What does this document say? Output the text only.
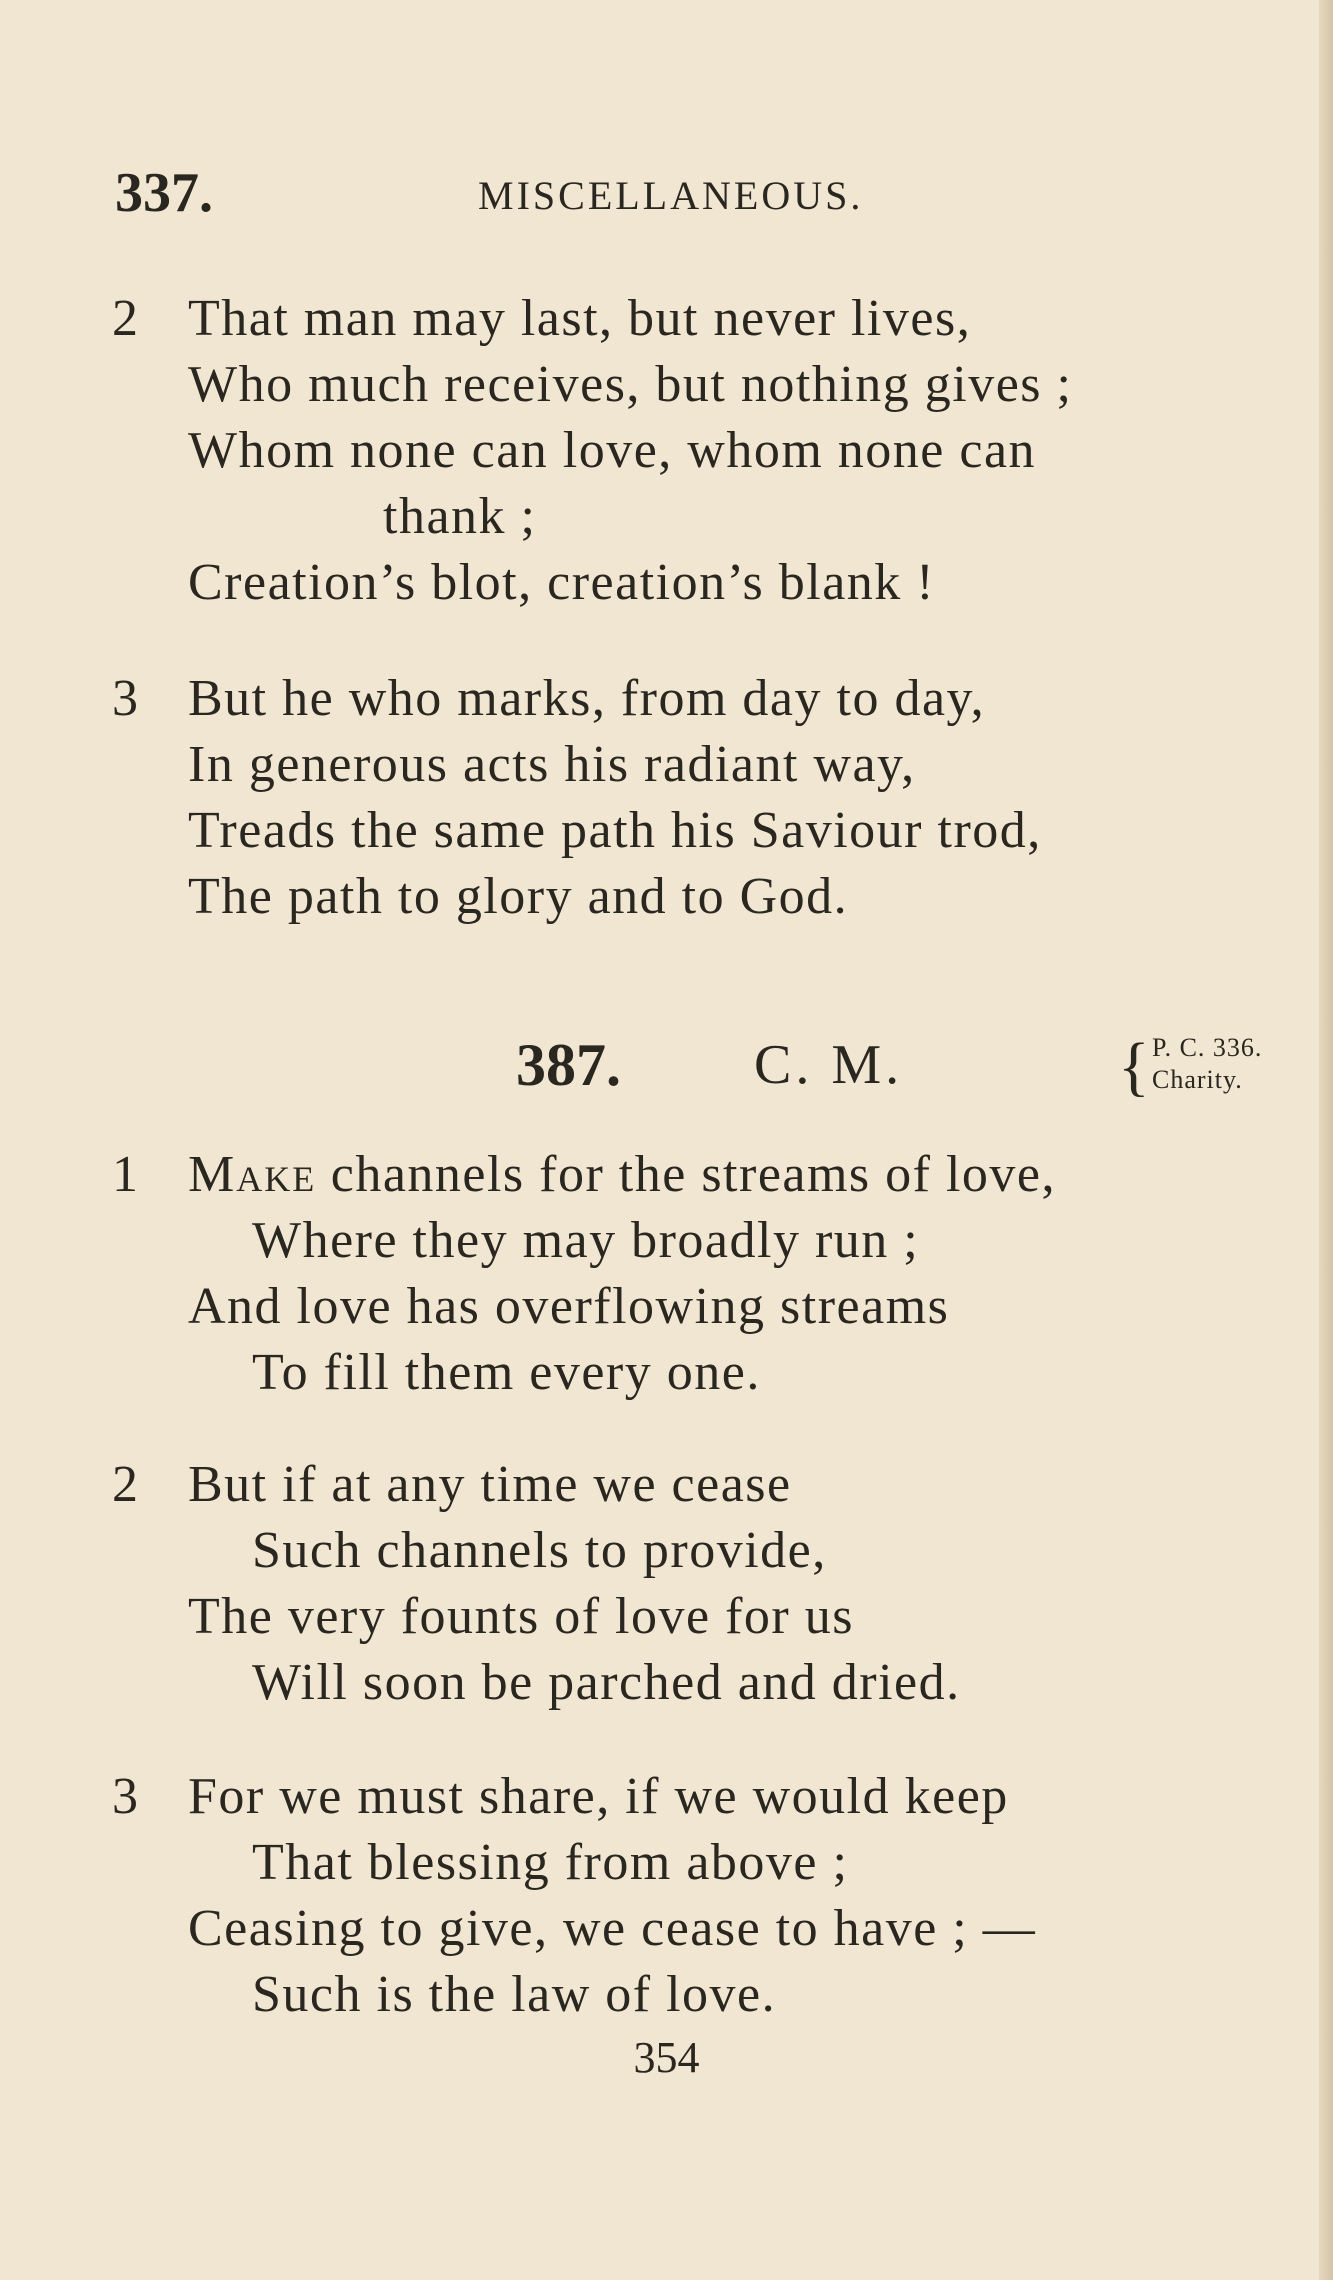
337.	MISCELLANEOUS.
2 That man may last, but never lives,
Who much receives, but nothing gives ;
Whom none can love, whom none can
thank ;
Creation’s blot, creation’s blank !
3 But he who marks, from day to day,
In generous acts his radiant way,
Treads the same path his Saviour trod,
The path to glory and to God.
387. C. M.	{ P. C. 336.
Charity.
1 Make channels for the streams of love,
Where they may broadly run ;
And love has overflowing streams
To fill them every one.
2 But if at any time we cease
Such channels to provide,
The very founts of love for us
Will soon be parched and dried.
3 For we must share, if we would keep
That blessing from above ;
Ceasing to give, we cease to have ; —
Such is the law of love.
354
